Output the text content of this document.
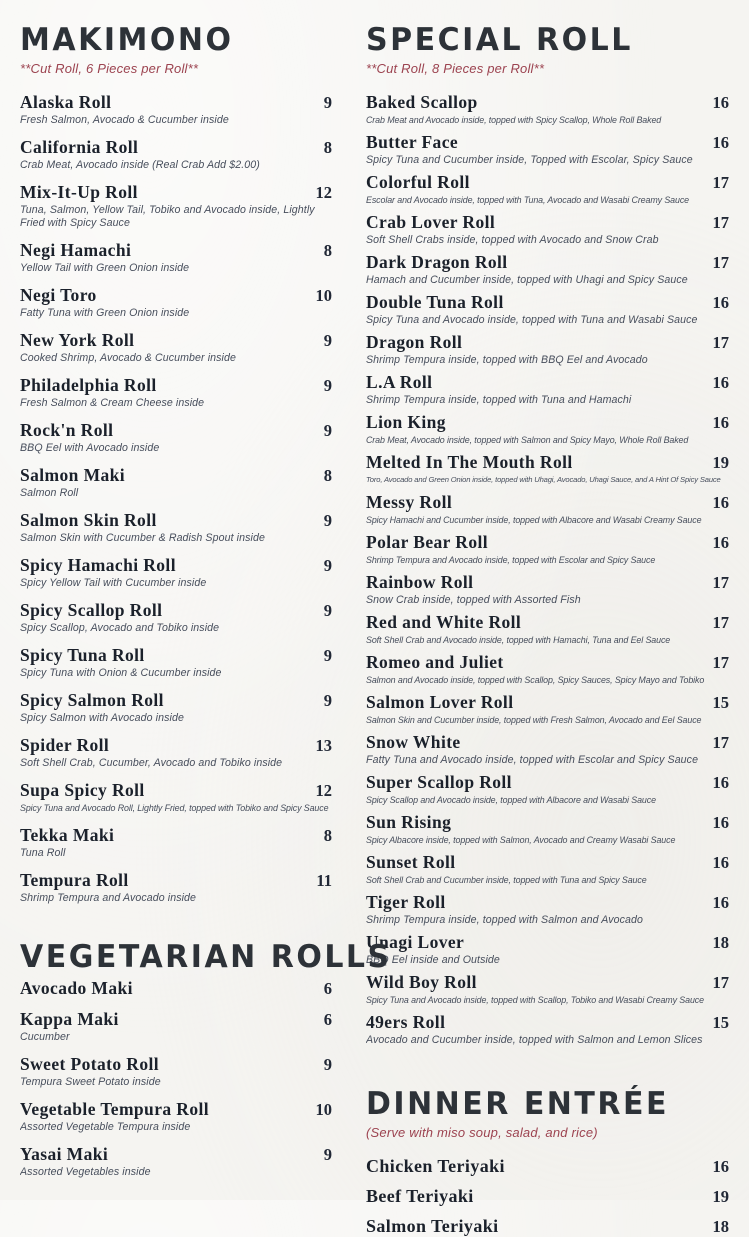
MAKIMONO
**Cut Roll, 6 Pieces per Roll**
Alaska Roll	9
Fresh Salmon, Avocado & Cucumber inside
California Roll	8
Crab Meat, Avocado inside (Real Crab Add $2.00)
Mix-It-Up Roll	12
Tuna, Salmon, Yellow Tail, Tobiko and Avocado inside, Lightly Fried with Spicy Sauce
Negi Hamachi	8
Yellow Tail with Green Onion inside
Negi Toro	10
Fatty Tuna with Green Onion inside
New York Roll	9
Cooked Shrimp, Avocado & Cucumber inside
Philadelphia Roll	9
Fresh Salmon & Cream Cheese inside
Rock'n Roll	9
BBQ Eel with Avocado inside
Salmon Maki	8
Salmon Roll
Salmon Skin Roll	9
Salmon Skin with Cucumber & Radish Spout inside
Spicy Hamachi Roll	9
Spicy Yellow Tail with Cucumber inside
Spicy Scallop Roll	9
Spicy Scallop, Avocado and Tobiko inside
Spicy Tuna Roll	9
Spicy Tuna with Onion & Cucumber inside
Spicy Salmon Roll	9
Spicy Salmon with Avocado inside
Spider Roll	13
Soft Shell Crab, Cucumber, Avocado and Tobiko inside
Supa Spicy Roll	12
Spicy Tuna and Avocado Roll, Lightly Fried, topped with Tobiko and Spicy Sauce
Tekka Maki	8
Tuna Roll
Tempura Roll	11
Shrimp Tempura and Avocado inside
VEGETARIAN ROLLS
Avocado Maki	6
Kappa Maki	6
Cucumber
Sweet Potato Roll	9
Tempura Sweet Potato inside
Vegetable Tempura Roll	10
Assorted Vegetable Tempura inside
Yasai Maki	9
Assorted Vegetables inside
SPECIAL ROLL
**Cut Roll, 8 Pieces per Roll**
Baked Scallop	16
Crab Meat and Avocado inside, topped with Spicy Scallop, Whole Roll Baked
Butter Face	16
Spicy Tuna and Cucumber inside, Topped with Escolar, Spicy Sauce
Colorful Roll	17
Escolar and Avocado inside, topped with Tuna, Avocado and Wasabi Creamy Sauce
Crab Lover Roll	17
Soft Shell Crabs inside, topped with Avocado and Snow Crab
Dark Dragon Roll	17
Hamach and Cucumber inside, topped with Uhagi and Spicy Sauce
Double Tuna Roll	16
Spicy Tuna and Avocado inside, topped with Tuna and Wasabi Sauce
Dragon Roll	17
Shrimp Tempura inside, topped with BBQ Eel and Avocado
L.A Roll	16
Shrimp Tempura inside, topped with Tuna and Hamachi
Lion King	16
Crab Meat, Avocado inside, topped with Salmon and Spicy Mayo, Whole Roll Baked
Melted In The Mouth Roll	19
Toro, Avocado and Green Onion inside, topped with Uhagi, Avocado, Uhagi Sauce, and A Hint Of Spicy Sauce
Messy Roll	16
Spicy Hamachi and Cucumber inside, topped with Albacore and Wasabi Creamy Sauce
Polar Bear Roll	16
Shrimp Tempura and Avocado inside, topped with Escolar and Spicy Sauce
Rainbow Roll	17
Snow Crab inside, topped with Assorted Fish
Red and White Roll	17
Soft Shell Crab and Avocado inside, topped with Hamachi, Tuna and Eel Sauce
Romeo and Juliet	17
Salmon and Avocado inside, topped with Scallop, Spicy Sauces, Spicy Mayo and Tobiko
Salmon Lover Roll	15
Salmon Skin and Cucumber inside, topped with Fresh Salmon, Avocado and Eel Sauce
Snow White	17
Fatty Tuna and Avocado inside, topped with Escolar and Spicy Sauce
Super Scallop Roll	16
Spicy Scallop and Avocado inside, topped with Albacore and Wasabi Sauce
Sun Rising	16
Spicy Albacore inside, topped with Salmon, Avocado and Creamy Wasabi Sauce
Sunset Roll	16
Soft Shell Crab and Cucumber inside, topped with Tuna and Spicy Sauce
Tiger Roll	16
Shrimp Tempura inside, topped with Salmon and Avocado
Unagi Lover	18
BBQ Eel inside and Outside
Wild Boy Roll	17
Spicy Tuna and Avocado inside, topped with Scallop, Tobiko and Wasabi Creamy Sauce
49ers Roll	15
Avocado and Cucumber inside, topped with Salmon and Lemon Slices
DINNER ENTRÉE
(Serve with miso soup, salad, and rice)
Chicken Teriyaki	16
Beef Teriyaki	19
Salmon Teriyaki	18
